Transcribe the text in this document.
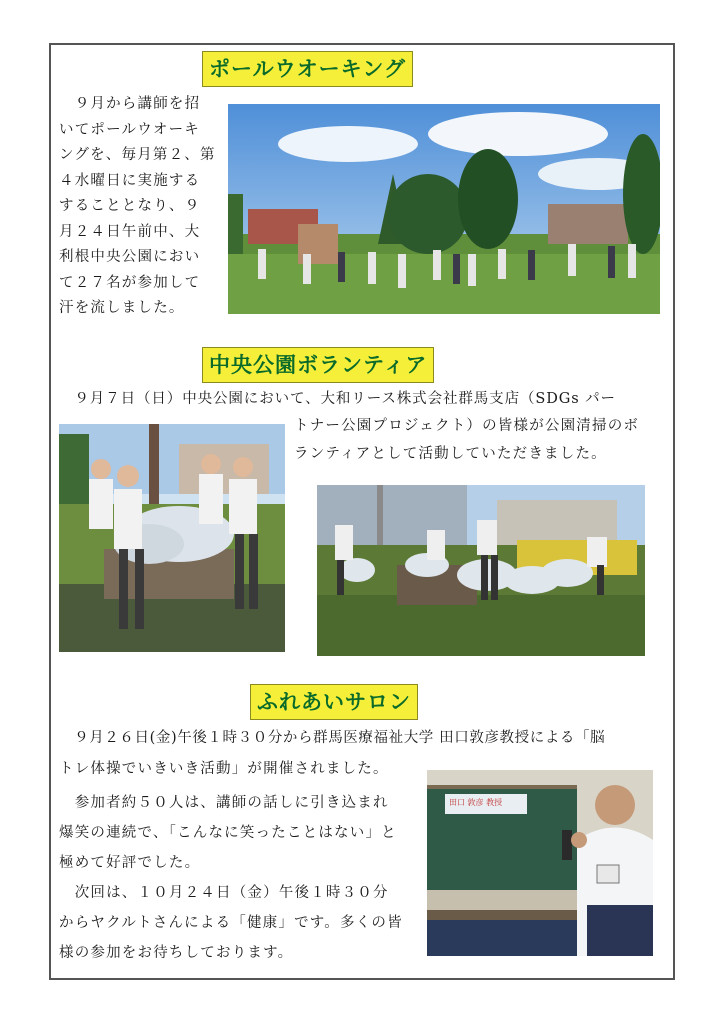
ポールウオーキング
　９月から講師を招
いてポールウオーキ
ングを、毎月第２、第
４水曜日に実施する
することとなり、９
月２４日午前中、大
利根中央公園におい
て２７名が参加して
汗を流しました。
中央公園ボランティア
　９月７日（日）中央公園において、大和リース株式会社群馬支店（SDGs パー
トナー公園プロジェクト）の皆様が公園清掃のボ
ランティアとして活動していただきました。
ふれあいサロン
　９月２６日(金)午後１時３０分から群馬医療福祉大学 田口敦彦教授による「脳
トレ体操でいきいき活動」が開催されました。
　参加者約５０人は、講師の話しに引き込まれ
爆笑の連続で、「こんなに笑ったことはない」と
極めて好評でした。
　次回は、１０月２４日（金）午後１時３０分
からヤクルトさんによる「健康」です。多くの皆
様の参加をお待ちしております。
田口 敦彦 教授
